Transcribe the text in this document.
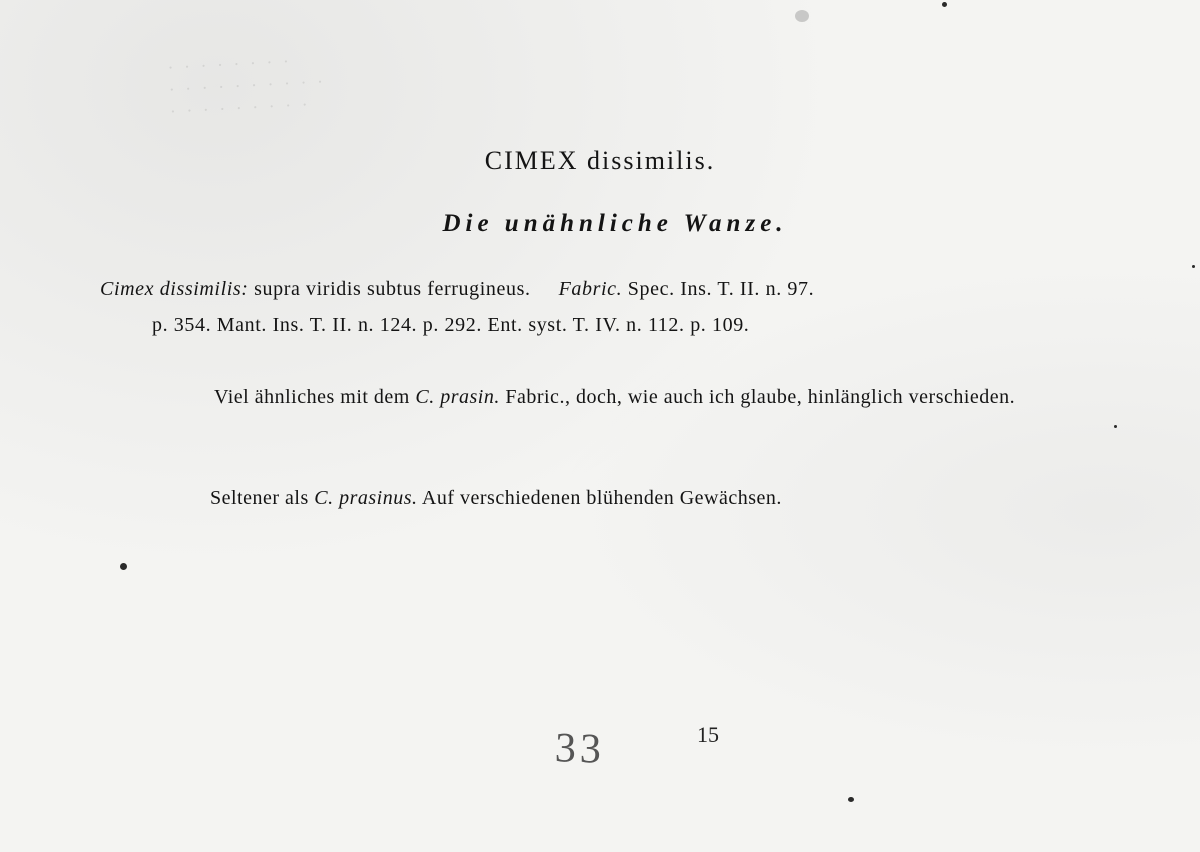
· · · · · · · ·
· · · · · · · · · ·
· · · · · · · · ·
CIMEX dissimilis.
Die unähnliche Wanze.
Cimex dissimilis: supra viridis subtus ferrugineus. Fabric. Spec. Ins. T. II. n. 97.
p. 354. Mant. Ins. T. II. n. 124. p. 292. Ent. syst. T. IV. n. 112. p. 109.
Viel ähnliches mit dem C. prasin. Fabric., doch, wie auch ich glaube, hinlänglich verschieden.
Seltener als C. prasinus. Auf verschiedenen blühenden Gewächsen.
33	15
